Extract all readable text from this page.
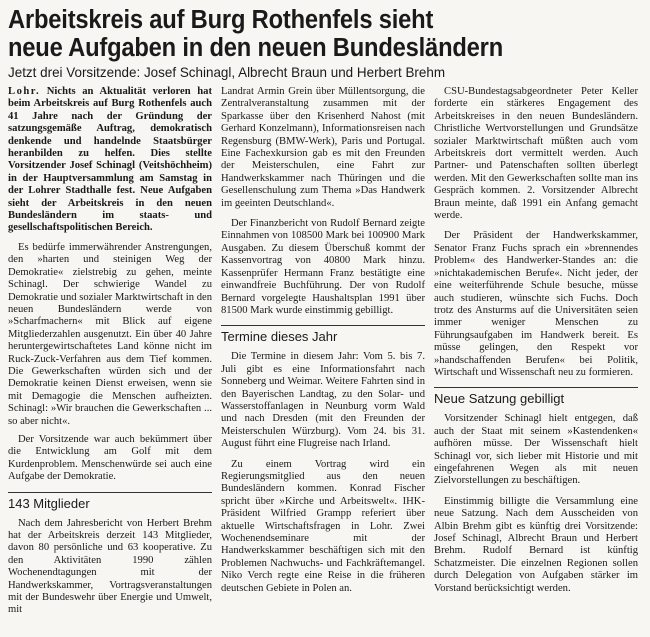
Arbeitskreis auf Burg Rothenfels sieht
neue Aufgaben in den neuen Bundesländern
Jetzt drei Vorsitzende: Josef Schinagl, Albrecht Braun und Herbert Brehm

Lohr. Nichts an Aktualität verloren hat beim Arbeitskreis auf Burg Rothenfels auch 41 Jahre nach der Gründung der satzungsgemäße Auftrag, demokratisch denkende und handelnde Staatsbürger heranbilden zu helfen. Dies stellte Vorsitzender Josef Schinagl (Veitshöchheim) in der Hauptversammlung am Samstag in der Lohrer Stadthalle fest. Neue Aufgaben sieht der Arbeitskreis in den neuen Bundesländern im staats- und gesellschaftspolitischen Bereich.

Es bedürfe immerwährender Anstrengungen, den »harten und steinigen Weg der Demokratie« zielstrebig zu gehen, meinte Schinagl. Der schwierige Wandel zu Demokratie und sozialer Marktwirtschaft in den neuen Bundesländern werde von »Scharfmachern« mit Blick auf eigene Mitgliederzahlen ausgenutzt. Ein über 40 Jahre heruntergewirtschaftetes Land könne nicht im Ruck-Zuck-Verfahren aus dem Tief kommen. Die Gewerkschaften würden sich und der Demokratie keinen Dienst erweisen, wenn sie mit Demagogie die Menschen aufheizten. Schinagl: »Wir brauchen die Gewerkschaften ... so aber nicht«.

Der Vorsitzende war auch bekümmert über die Entwicklung am Golf mit dem Kurdenproblem. Menschenwürde sei auch eine Aufgabe der Demokratie.

143 Mitglieder

Nach dem Jahresbericht von Herbert Brehm hat der Arbeitskreis derzeit 143 Mitglieder, davon 80 persönliche und 63 kooperative. Zu den Aktivitäten 1990 zählen Wochenendtagungen mit der Handwerkskammer, Vortragsveranstaltungen mit der Bundeswehr über Energie und Umwelt, mit

Landrat Armin Grein über Müllentsorgung, die Zentralveranstaltung zusammen mit der Sparkasse über den Krisenherd Nahost (mit Gerhard Konzelmann), Informationsreisen nach Regensburg (BMW-Werk), Paris und Portugal. Eine Fachexkursion gab es mit den Freunden der Meisterschulen, eine Fahrt zur Handwerkskammer nach Thüringen und die Gesellenschulung zum Thema »Das Handwerk im geeinten Deutschland«.

Der Finanzbericht von Rudolf Bernard zeigte Einnahmen von 108500 Mark bei 100900 Mark Ausgaben. Zu diesem Überschuß kommt der Kassenvortrag von 40800 Mark hinzu. Kassenprüfer Hermann Franz bestätigte eine einwandfreie Buchführung. Der von Rudolf Bernard vorgelegte Haushaltsplan 1991 über 81500 Mark wurde einstimmig gebilligt.

Termine dieses Jahr

Die Termine in diesem Jahr: Vom 5. bis 7. Juli gibt es eine Informationsfahrt nach Sonneberg und Weimar. Weitere Fahrten sind in den Bayerischen Landtag, zu den Solar- und Wasserstoffanlagen in Neunburg vorm Wald und nach Dresden (mit den Freunden der Meisterschulen Würzburg). Vom 24. bis 31. August führt eine Flugreise nach Irland.

Zu einem Vortrag wird ein Regierungsmitglied aus den neuen Bundesländern kommen. Konrad Fischer spricht über »Kirche und Arbeitswelt«. IHK-Präsident Wilfried Grampp referiert über aktuelle Wirtschaftsfragen in Lohr. Zwei Wochenendseminare mit der Handwerkskammer beschäftigen sich mit den Problemen Nachwuchs- und Fachkräftemangel. Niko Verch regte eine Reise in die früheren deutschen Gebiete in Polen an.

CSU-Bundestagsabgeordneter Peter Keller forderte ein stärkeres Engagement des Arbeitskreises in den neuen Bundesländern. Christliche Wertvorstellungen und Grundsätze sozialer Marktwirtschaft müßten auch vom Arbeitskreis dort vermittelt werden. Auch Partner- und Patenschaften sollten überlegt werden. Mit den Gewerkschaften sollte man ins Gespräch kommen. 2. Vorsitzender Albrecht Braun meinte, daß 1991 ein Anfang gemacht werde.

Der Präsident der Handwerkskammer, Senator Franz Fuchs sprach ein »brennendes Problem« des Handwerker-Standes an: die »nichtakademischen Berufe«. Nicht jeder, der eine weiterführende Schule besuche, müsse auch studieren, wünschte sich Fuchs. Doch trotz des Ansturms auf die Universitäten seien immer weniger Menschen zu Führungsaufgaben im Handwerk bereit. Es müsse gelingen, den Respekt vor »handschaffenden Berufen« bei Politik, Wirtschaft und Wissenschaft neu zu formieren.

Neue Satzung gebilligt

Vorsitzender Schinagl hielt entgegen, daß auch der Staat mit seinem »Kastendenken« aufhören müsse. Der Wissenschaft hielt Schinagl vor, sich lieber mit Historie und mit eingefahrenen Wegen als mit neuen Zielvorstellungen zu beschäftigen.

Einstimmig billigte die Versammlung eine neue Satzung. Nach dem Ausscheiden von Albin Brehm gibt es künftig drei Vorsitzende: Josef Schinagl, Albrecht Braun und Herbert Brehm. Rudolf Bernard ist künftig Schatzmeister. Die einzelnen Regionen sollen durch Delegation von Aufgaben stärker im Vorstand berücksichtigt werden.
